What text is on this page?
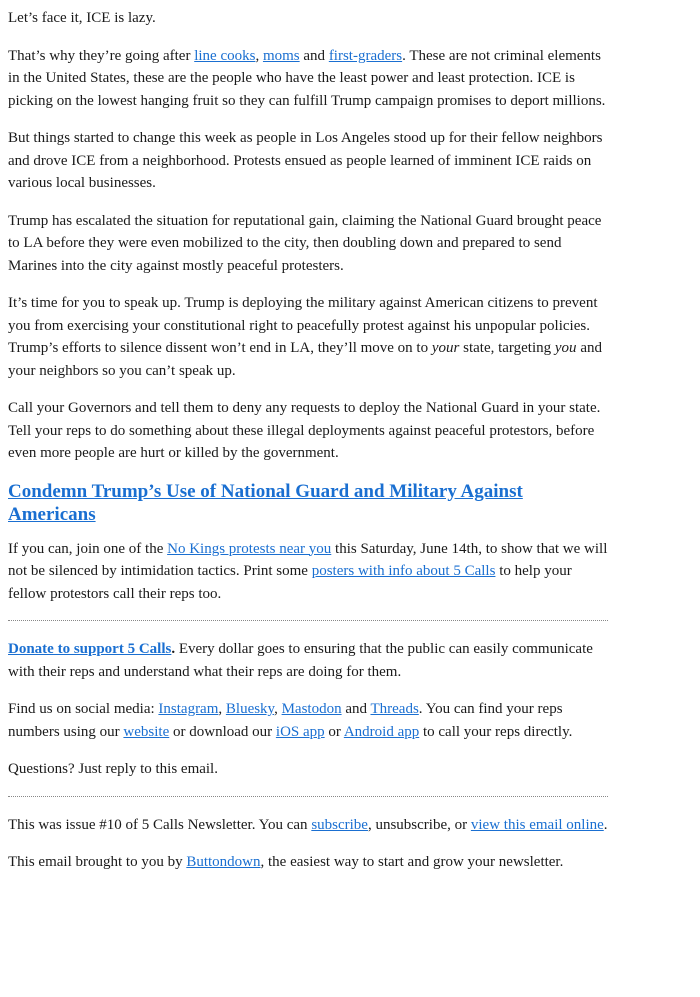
Let’s face it, ICE is lazy.

That’s why they’re going after line cooks, moms and first-graders. These are not criminal elements in the United States, these are the people who have the least power and least protection. ICE is picking on the lowest hanging fruit so they can fulfill Trump campaign promises to deport millions.

But things started to change this week as people in Los Angeles stood up for their fellow neighbors and drove ICE from a neighborhood. Protests ensued as people learned of imminent ICE raids on various local businesses.

Trump has escalated the situation for reputational gain, claiming the National Guard brought peace to LA before they were even mobilized to the city, then doubling down and prepared to send Marines into the city against mostly peaceful protesters.

It’s time for you to speak up. Trump is deploying the military against American citizens to prevent you from exercising your constitutional right to peacefully protest against his unpopular policies. Trump’s efforts to silence dissent won’t end in LA, they’ll move on to your state, targeting you and your neighbors so you can’t speak up.

Call your Governors and tell them to deny any requests to deploy the National Guard in your state. Tell your reps to do something about these illegal deployments against peaceful protestors, before even more people are hurt or killed by the government.

Condemn Trump’s Use of National Guard and Military Against Americans

If you can, join one of the No Kings protests near you this Saturday, June 14th, to show that we will not be silenced by intimidation tactics. Print some posters with info about 5 Calls to help your fellow protestors call their reps too.

Donate to support 5 Calls. Every dollar goes to ensuring that the public can easily communicate with their reps and understand what their reps are doing for them.

Find us on social media: Instagram, Bluesky, Mastodon and Threads. You can find your reps numbers using our website or download our iOS app or Android app to call your reps directly.

Questions? Just reply to this email.

This was issue #10 of 5 Calls Newsletter. You can subscribe, unsubscribe, or view this email online.

This email brought to you by Buttondown, the easiest way to start and grow your newsletter.
